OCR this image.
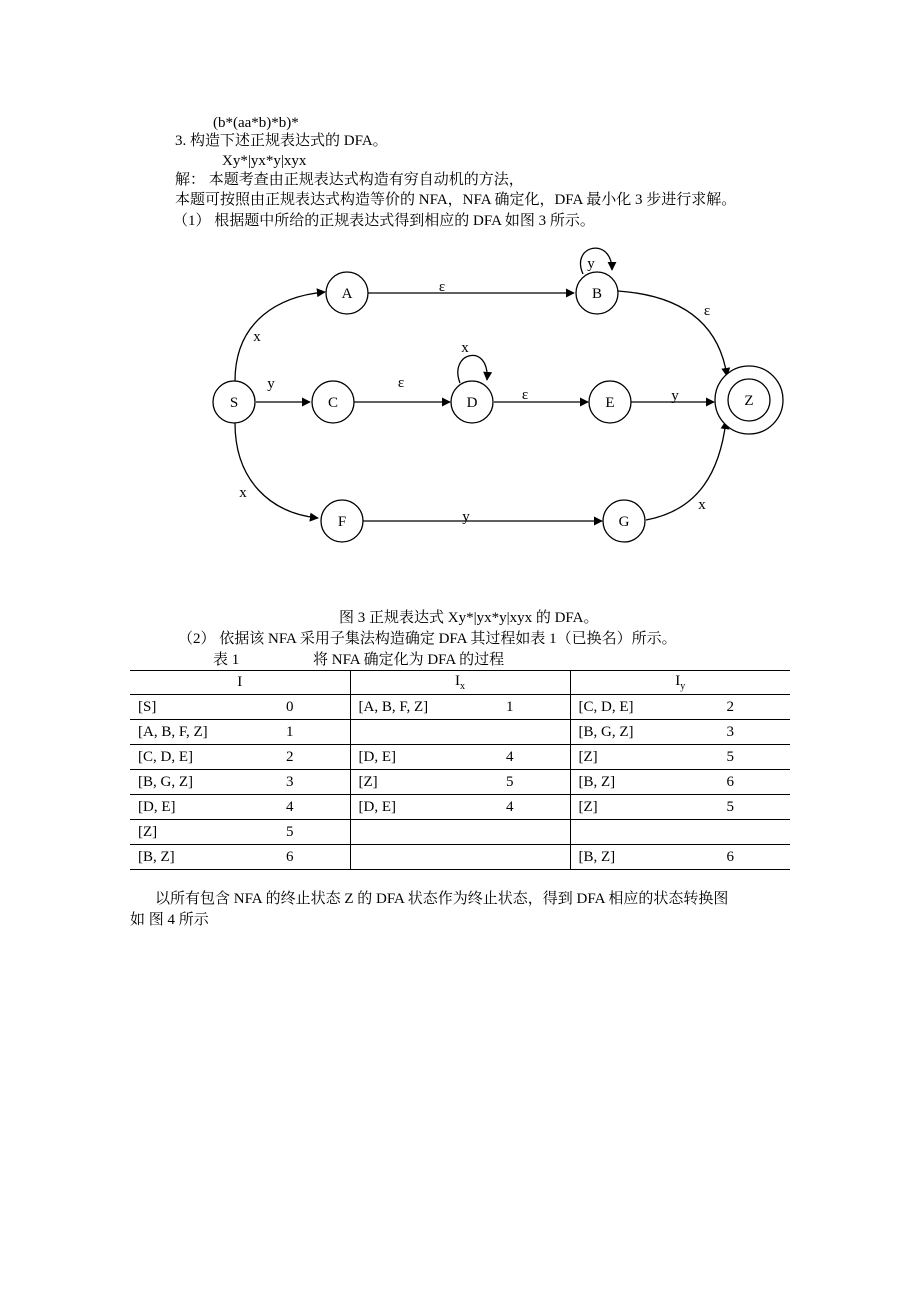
(b*(aa*b)*b)*
3. 构造下述正规表达式的 DFA。
Xy*|yx*y|xyx
解： 本题考查由正规表达式构造有穷自动机的方法，
本题可按照由正规表达式构造等价的 NFA，NFA 确定化，DFA 最小化 3 步进行求解。
（1） 根据题中所给的正规表达式得到相应的 DFA 如图 3 所示。
S
A	B
C	D	E
F	G
Z
x
ε
y
ε
y	ε
x
ε	y
x
y
x
图 3 正规表达式 Xy*|yx*y|xyx 的 DFA。
（2） 依据该 NFA 采用子集法构造确定 DFA 其过程如表 1（已换名）所示。
表 1	将 NFA 确定化为 DFA 的过程
I	$I_x$	$I_y$
[S] 0	[A, B, F, Z] 1	[C, D, E] 2

[A, B, F, Z] 1		[B, G, Z] 3

[C, D, E] 2	[D, E] 4	[Z] 5

[B, G, Z] 3	[Z] 5	[B, Z] 6

[D, E] 4	[D, E] 4	[Z] 5

[Z] 5		

[B, Z] 6		[B, Z] 6
以所有包含 NFA 的终止状态 Z 的 DFA 状态作为终止状态，得到 DFA 相应的状态转换图
如 图 4 所示
